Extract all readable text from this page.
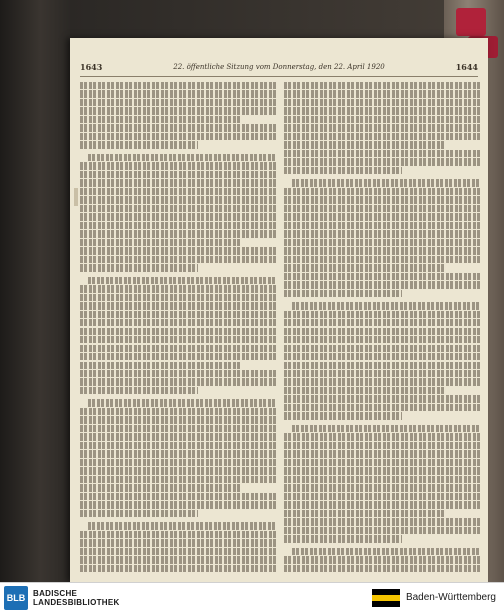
1643	22. öffentliche Sitzung vom Donnerstag, den 22. April 1920	1644
BLB BADISCHE
LANDESBIBLIOTHEK	Baden-Württemberg
